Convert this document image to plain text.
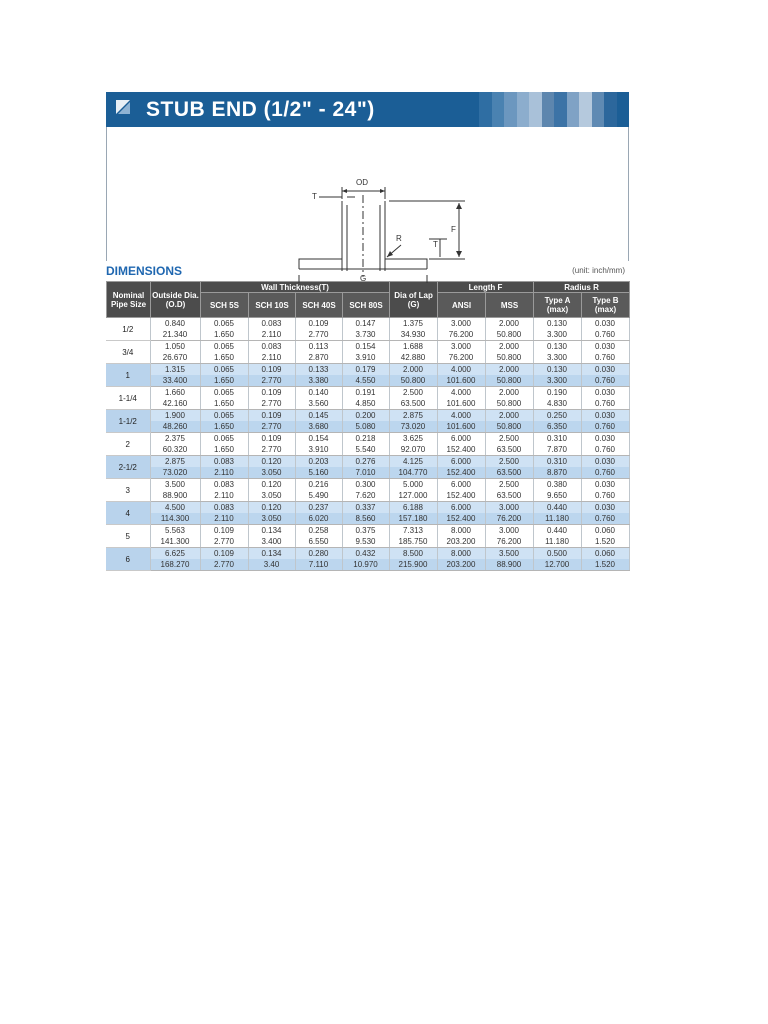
STUB END (1/2" - 24")
OD
T
F
T
R
G
DIMENSIONS	(unit: inch/mm)
Nominal Pipe Size	Outside Dia. (O.D)	Wall Thickness(T)				Dia of Lap (G)	Length F		Radius R	
		SCH 5S	SCH 10S	SCH 40S	SCH 80S		ANSI	MSS	Type A (max)	Type B (max)
1/2	0.840	0.065	0.083	0.109	0.147	1.375	3.000	2.000	0.130	0.030
	21.340	1.650	2.110	2.770	3.730	34.930	76.200	50.800	3.300	0.760
3/4	1.050	0.065	0.083	0.113	0.154	1.688	3.000	2.000	0.130	0.030
	26.670	1.650	2.110	2.870	3.910	42.880	76.200	50.800	3.300	0.760
1	1.315	0.065	0.109	0.133	0.179	2.000	4.000	2.000	0.130	0.030
	33.400	1.650	2.770	3.380	4.550	50.800	101.600	50.800	3.300	0.760
1-1/4	1.660	0.065	0.109	0.140	0.191	2.500	4.000	2.000	0.190	0.030
	42.160	1.650	2.770	3.560	4.850	63.500	101.600	50.800	4.830	0.760
1-1/2	1.900	0.065	0.109	0.145	0.200	2.875	4.000	2.000	0.250	0.030
	48.260	1.650	2.770	3.680	5.080	73.020	101.600	50.800	6.350	0.760
2	2.375	0.065	0.109	0.154	0.218	3.625	6.000	2.500	0.310	0.030
	60.320	1.650	2.770	3.910	5.540	92.070	152.400	63.500	7.870	0.760
2-1/2	2.875	0.083	0.120	0.203	0.276	4.125	6.000	2.500	0.310	0.030
	73.020	2.110	3.050	5.160	7.010	104.770	152.400	63.500	8.870	0.760
3	3.500	0.083	0.120	0.216	0.300	5.000	6.000	2.500	0.380	0.030
	88.900	2.110	3.050	5.490	7.620	127.000	152.400	63.500	9.650	0.760
4	4.500	0.083	0.120	0.237	0.337	6.188	6.000	3.000	0.440	0.030
	114.300	2.110	3.050	6.020	8.560	157.180	152.400	76.200	11.180	0.760
5	5.563	0.109	0.134	0.258	0.375	7.313	8.000	3.000	0.440	0.060
	141.300	2.770	3.400	6.550	9.530	185.750	203.200	76.200	11.180	1.520
6	6.625	0.109	0.134	0.280	0.432	8.500	8.000	3.500	0.500	0.060
	168.270	2.770	3.40	7.110	10.970	215.900	203.200	88.900	12.700	1.520
